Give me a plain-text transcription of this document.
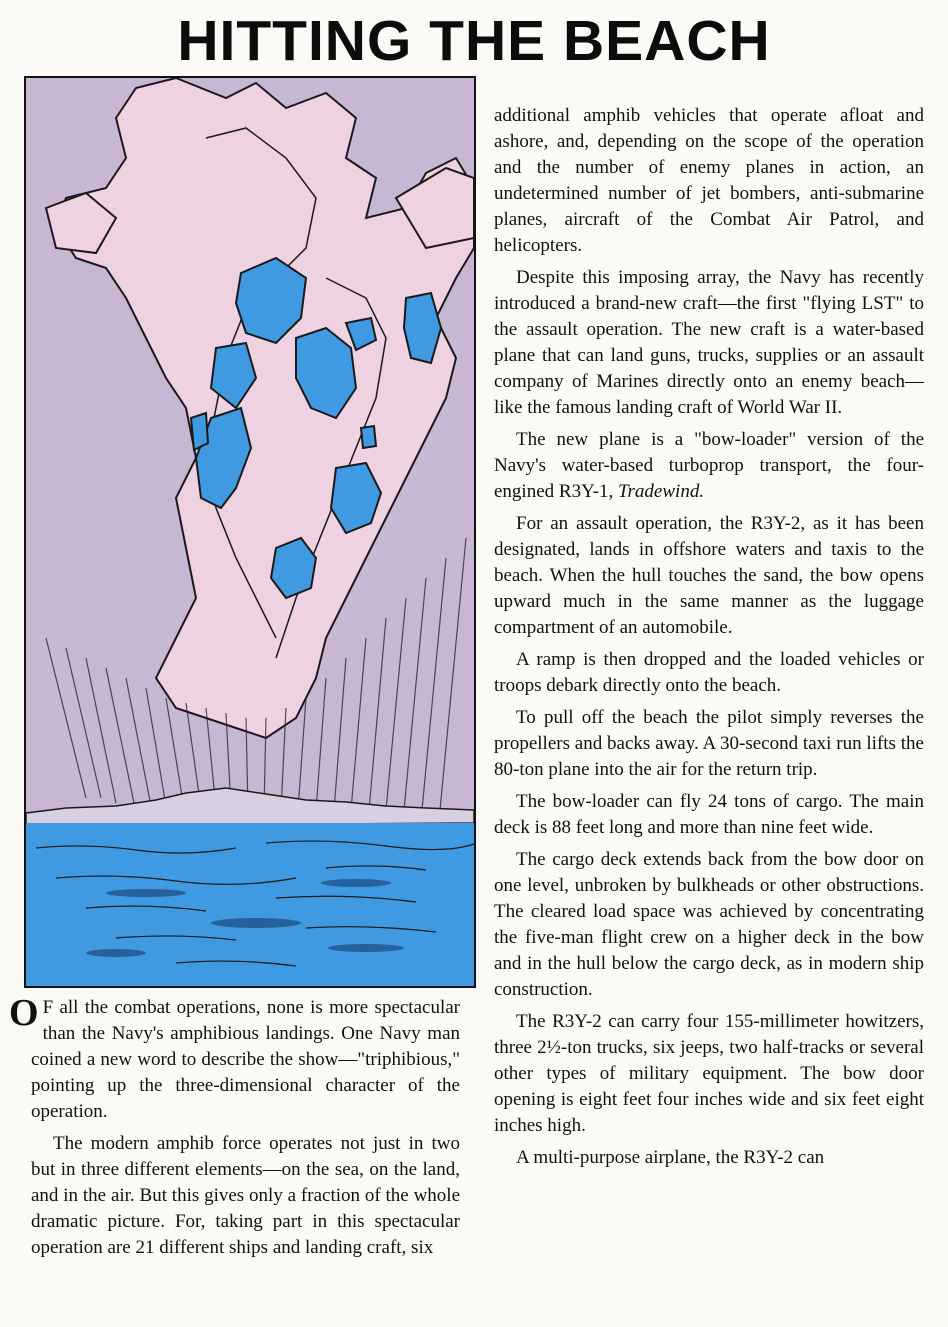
HITTING THE BEACH

O F all the combat operations, none is more spectacular than the Navy's amphibious landings. One Navy man coined a new word to describe the show—"triphibious," pointing up the three-dimensional character of the operation.

The modern amphib force operates not just in two but in three different elements—on the sea, on the land, and in the air. But this gives only a fraction of the whole dramatic picture. For, taking part in this spectacular operation are 21 different ships and landing craft, six

additional amphib vehicles that operate afloat and ashore, and, depending on the scope of the operation and the number of enemy planes in action, an undetermined number of jet bombers, anti-submarine planes, aircraft of the Combat Air Patrol, and helicopters.

Despite this imposing array, the Navy has recently introduced a brand-new craft—the first "flying LST" to the assault operation. The new craft is a water-based plane that can land guns, trucks, supplies or an assault company of Marines directly onto an enemy beach—like the famous landing craft of World War II.

The new plane is a "bow-loader" version of the Navy's water-based turboprop transport, the four-engined R3Y-1, Tradewind.

For an assault operation, the R3Y-2, as it has been designated, lands in offshore waters and taxis to the beach. When the hull touches the sand, the bow opens upward much in the same manner as the luggage compartment of an automobile.

A ramp is then dropped and the loaded vehicles or troops debark directly onto the beach.

To pull off the beach the pilot simply reverses the propellers and backs away. A 30-second taxi run lifts the 80-ton plane into the air for the return trip.

The bow-loader can fly 24 tons of cargo. The main deck is 88 feet long and more than nine feet wide.

The cargo deck extends back from the bow door on one level, unbroken by bulkheads or other obstructions. The cleared load space was achieved by concentrating the five-man flight crew on a higher deck in the bow and in the hull below the cargo deck, as in modern ship construction.

The R3Y-2 can carry four 155-millimeter howitzers, three 2½-ton trucks, six jeeps, two half-tracks or several other types of military equipment. The bow door opening is eight feet four inches wide and six feet eight inches high.

A multi-purpose airplane, the R3Y-2 can
